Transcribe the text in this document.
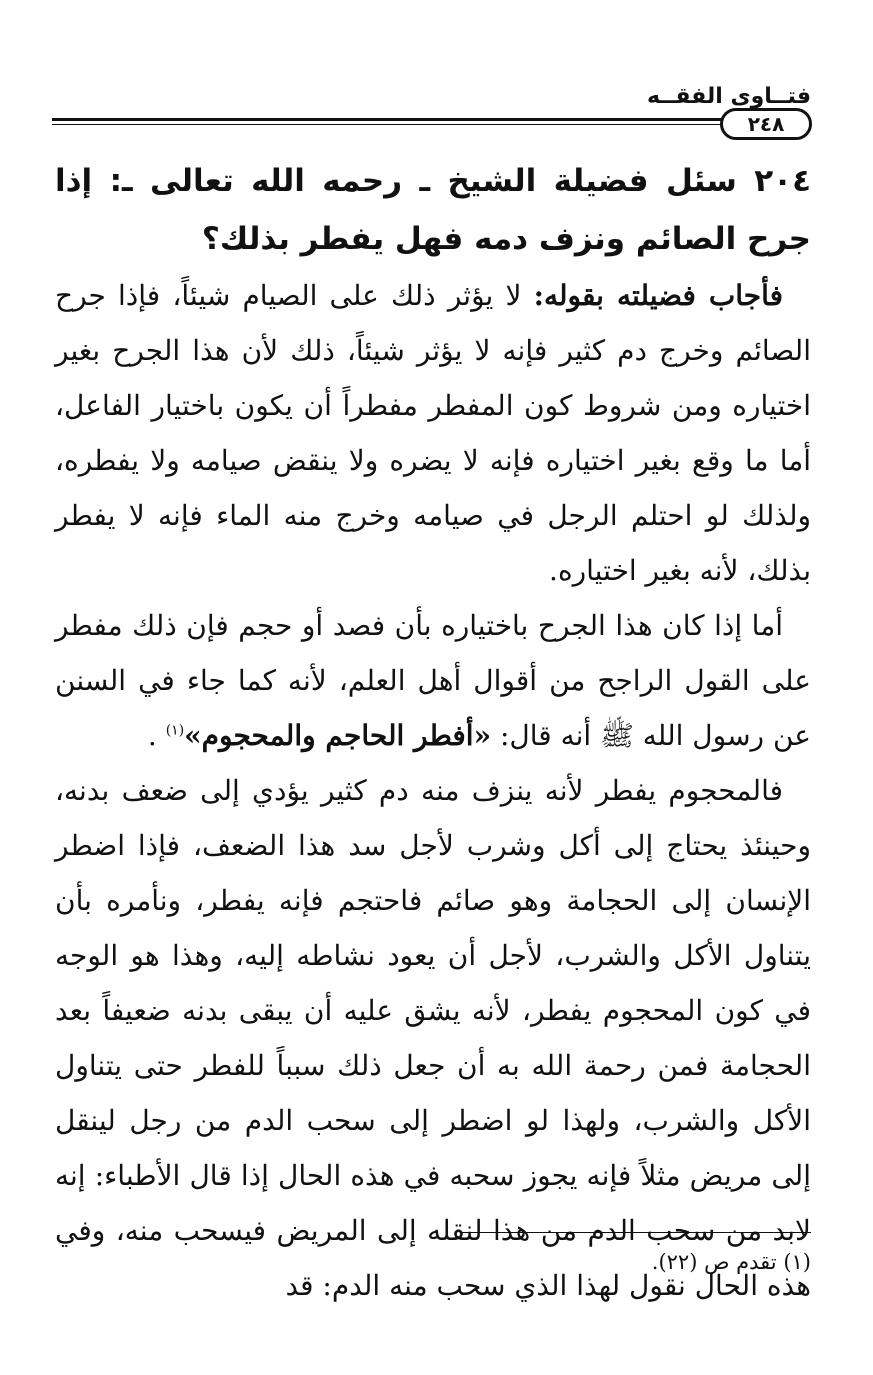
فتــاوى الفقــه
٢٤٨

٢٠٤ سئل فضيلة الشيخ ـ رحمه الله تعالى ـ: إذا جرح الصائم ونزف دمه فهل يفطر بذلك؟

فأجاب فضيلته بقوله: لا يؤثر ذلك على الصيام شيئاً، فإذا جرح الصائم وخرج دم كثير فإنه لا يؤثر شيئاً، ذلك لأن هذا الجرح بغير اختياره ومن شروط كون المفطر مفطراً أن يكون باختيار الفاعل، أما ما وقع بغير اختياره فإنه لا يضره ولا ينقض صيامه ولا يفطره، ولذلك لو احتلم الرجل في صيامه وخرج منه الماء فإنه لا يفطر بذلك، لأنه بغير اختياره.

أما إذا كان هذا الجرح باختياره بأن فصد أو حجم فإن ذلك مفطر على القول الراجح من أقوال أهل العلم، لأنه كما جاء في السنن عن رسول الله ﷺ أنه قال: «أفطر الحاجم والمحجوم»$^{(١)}$ .

فالمحجوم يفطر لأنه ينزف منه دم كثير يؤدي إلى ضعف بدنه، وحينئذ يحتاج إلى أكل وشرب لأجل سد هذا الضعف، فإذا اضطر الإنسان إلى الحجامة وهو صائم فاحتجم فإنه يفطر، ونأمره بأن يتناول الأكل والشرب، لأجل أن يعود نشاطه إليه، وهذا هو الوجه في كون المحجوم يفطر، لأنه يشق عليه أن يبقى بدنه ضعيفاً بعد الحجامة فمن رحمة الله به أن جعل ذلك سبباً للفطر حتى يتناول الأكل والشرب، ولهذا لو اضطر إلى سحب الدم من رجل لينقل إلى مريض مثلاً فإنه يجوز سحبه في هذه الحال إذا قال الأطباء: إنه لابد من سحب الدم من هذا لنقله إلى المريض فيسحب منه، وفي هذه الحال نقول لهذا الذي سحب منه الدم: قد

(١) تقدم ص (٢٢).
